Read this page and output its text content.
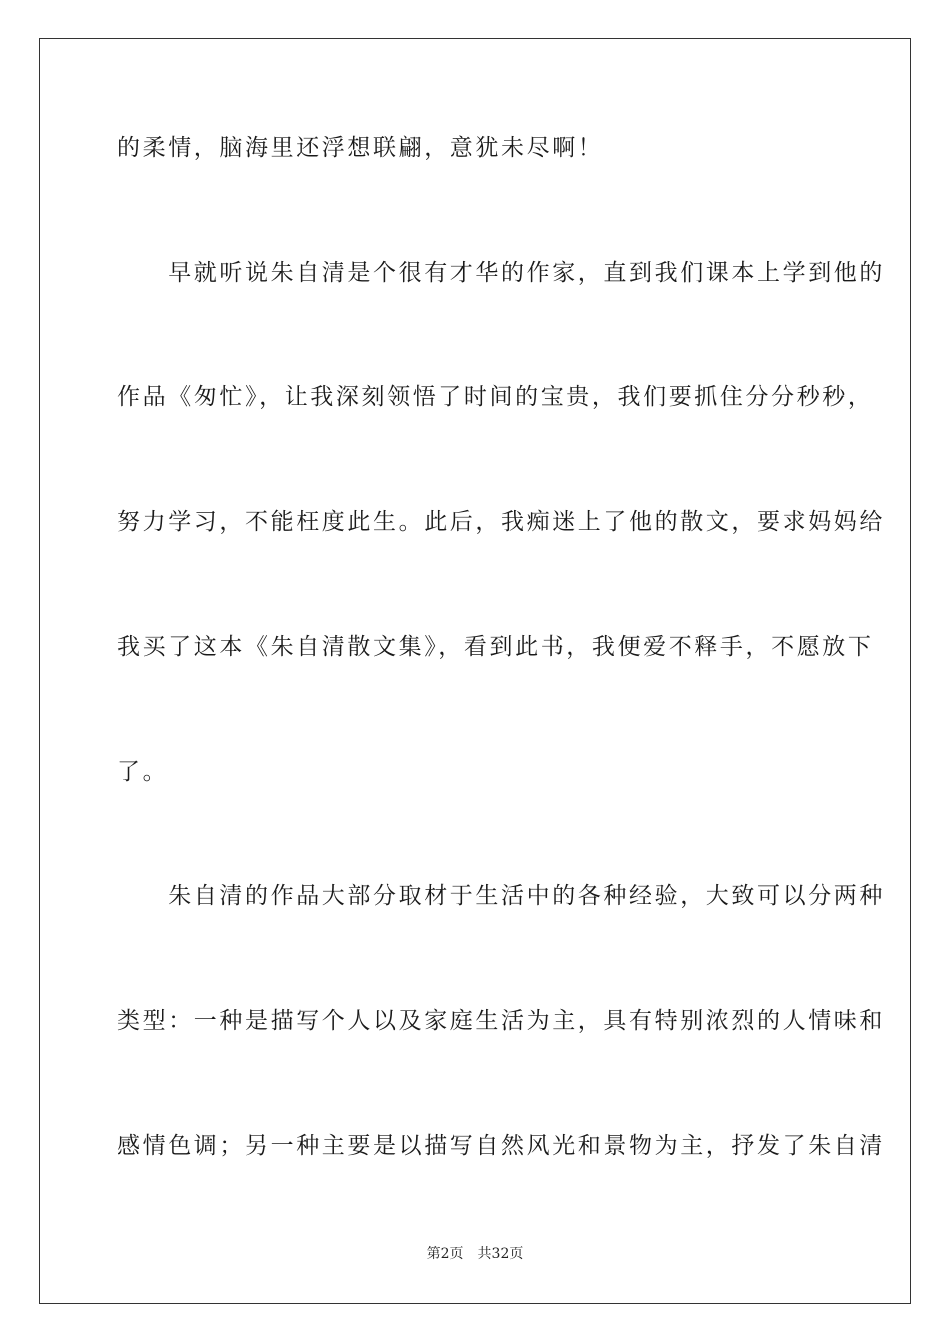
的柔情，脑海里还浮想联翩，意犹未尽啊！
　　早就听说朱自清是个很有才华的作家，直到我们课本上学到他的
作品《匆忙》，让我深刻领悟了时间的宝贵，我们要抓住分分秒秒，
努力学习，不能枉度此生。此后，我痴迷上了他的散文，要求妈妈给
我买了这本《朱自清散文集》，看到此书，我便爱不释手，不愿放下
了。
　　朱自清的作品大部分取材于生活中的各种经验，大致可以分两种
类型：一种是描写个人以及家庭生活为主，具有特别浓烈的人情味和
感情色调；另一种主要是以描写自然风光和景物为主，抒发了朱自清
第2页 共32页
